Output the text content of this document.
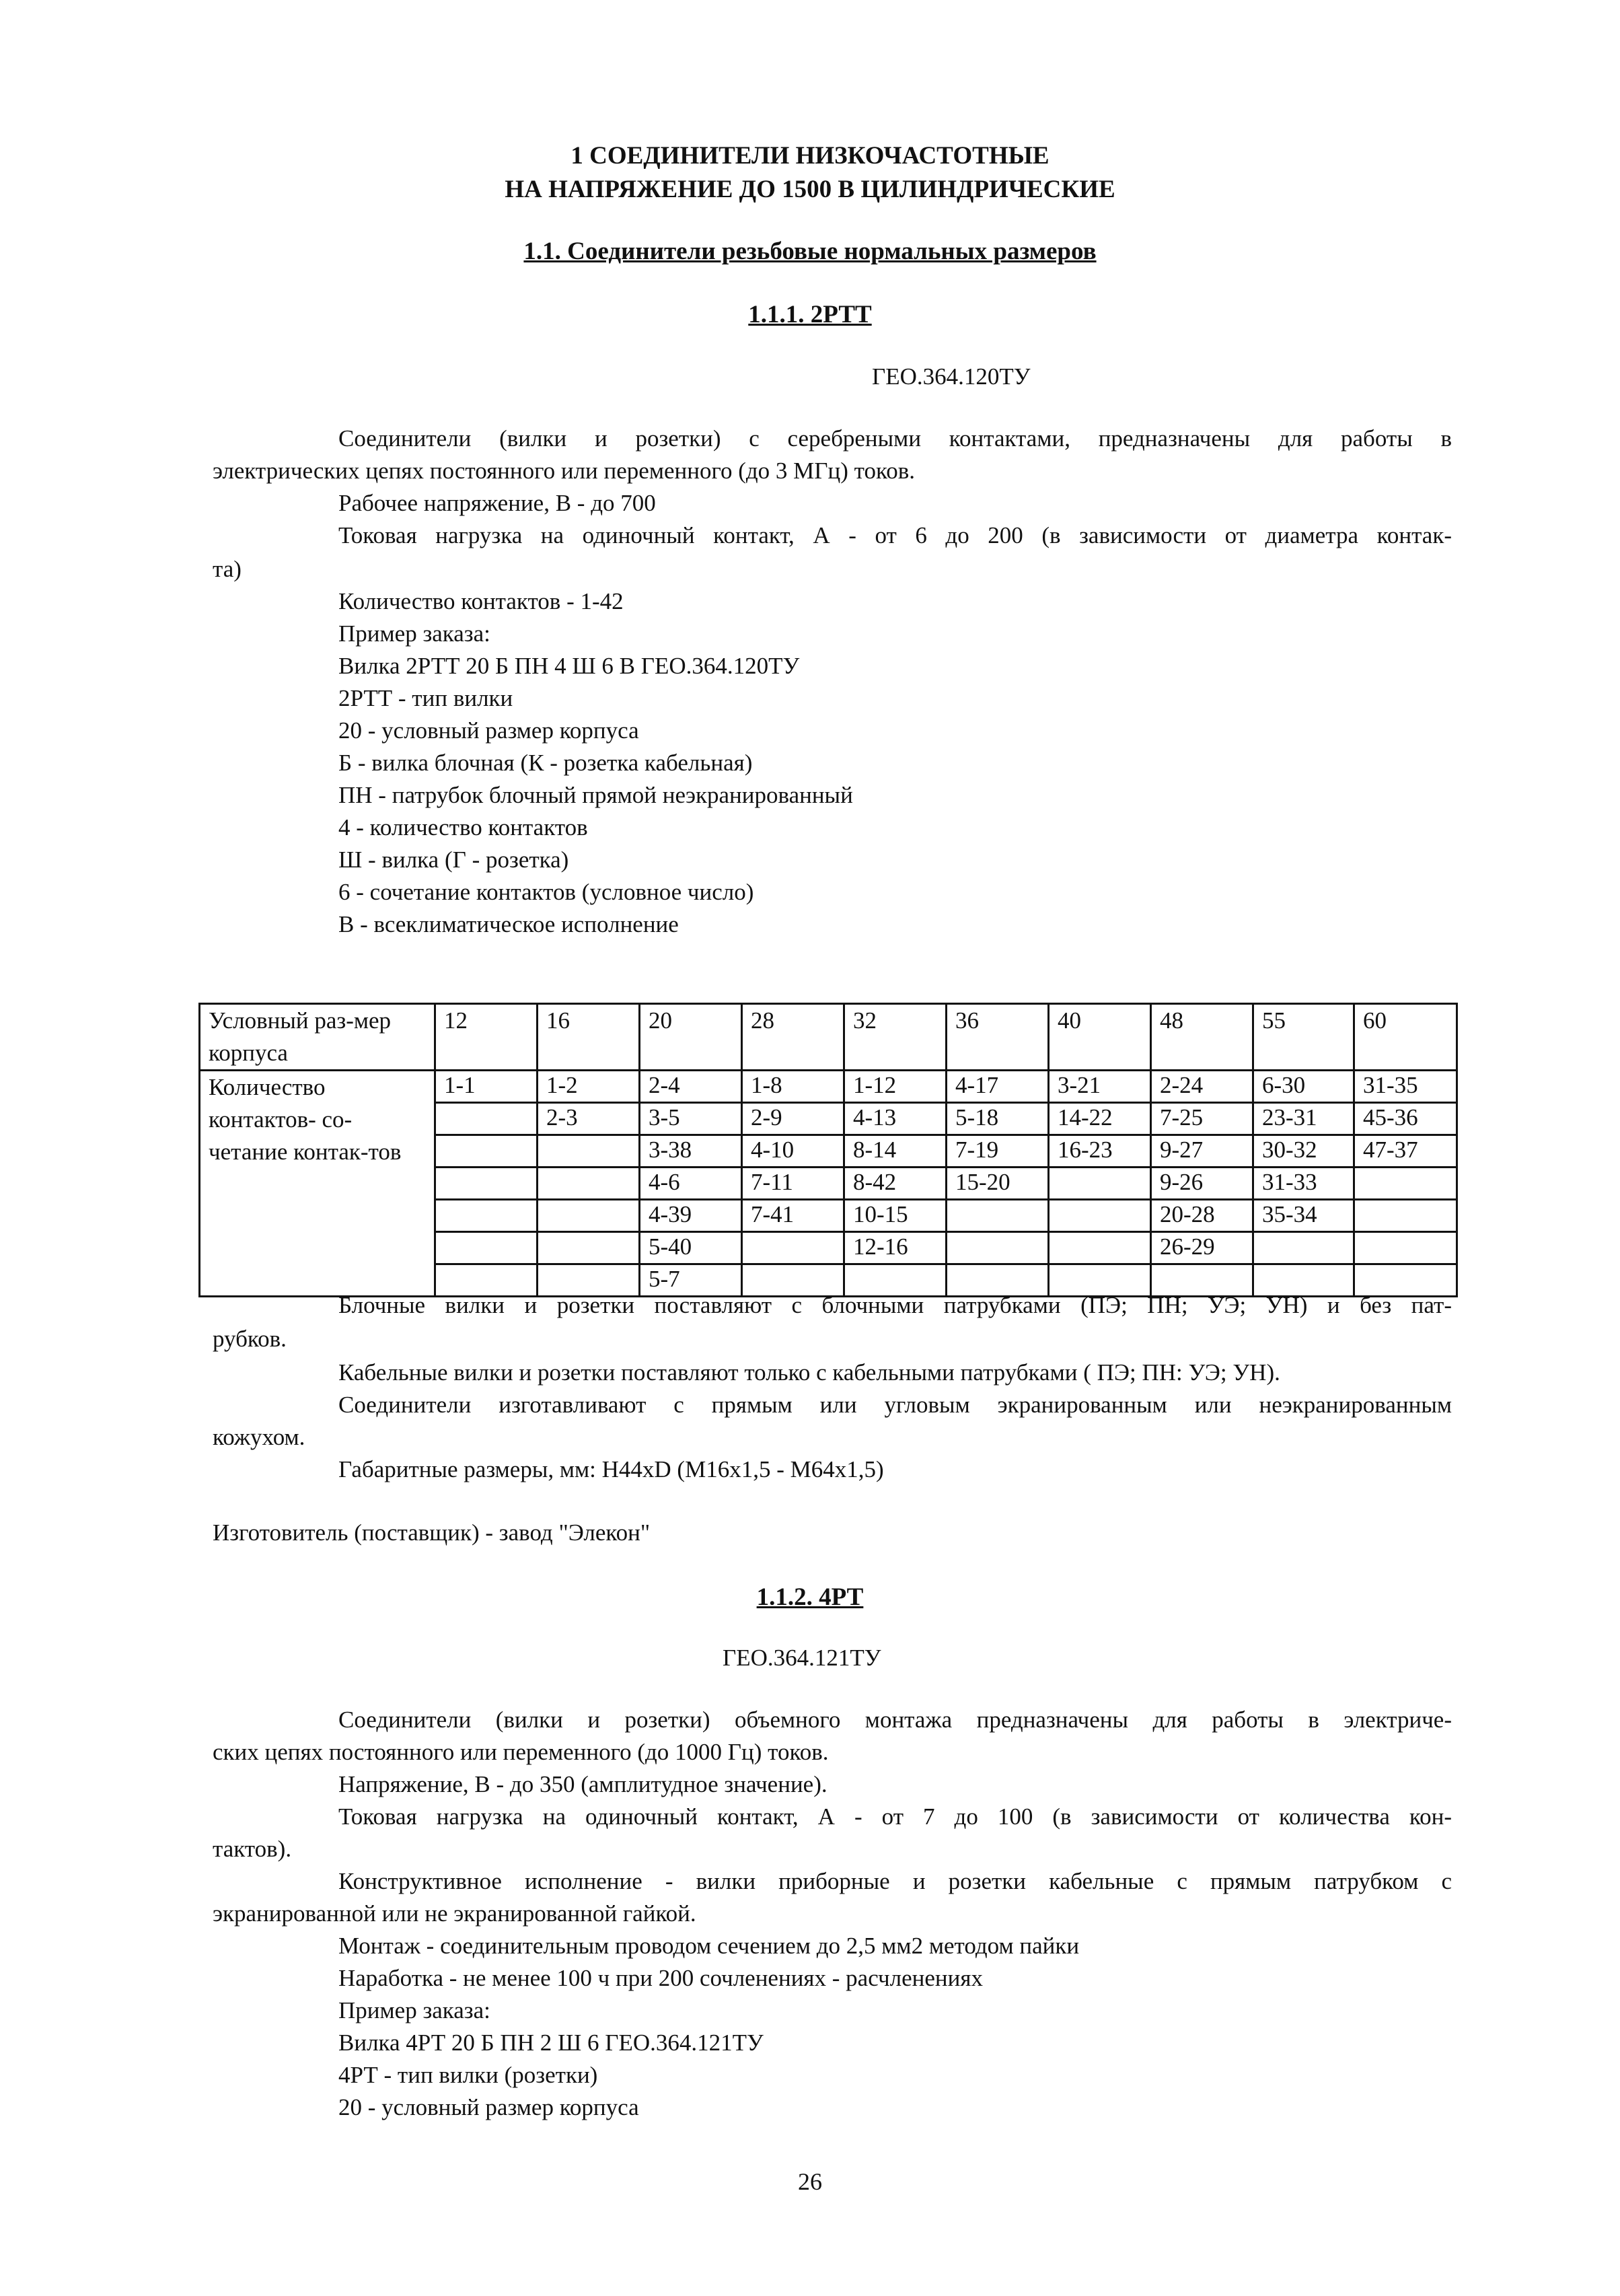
1 СОЕДИНИТЕЛИ НИЗКОЧАСТОТНЫЕ
НА НАПРЯЖЕНИЕ ДО 1500 В ЦИЛИНДРИЧЕСКИЕ
1.1. Соединители резьбовые нормальных размеров
1.1.1. 2РТТ
ГЕО.364.120ТУ
Соединители (вилки и розетки) с серебреными контактами, предназначены для работы в
электрических цепях постоянного или переменного (до 3 МГц) токов.
Рабочее напряжение, В - до 700
Токовая нагрузка на одиночный контакт, А - от 6 до 200 (в зависимости от диаметра контак-
та)
Количество контактов - 1-42
Пример заказа:
Вилка 2РТТ 20 Б ПН 4 Ш 6 В ГЕО.364.120ТУ
2РТТ - тип вилки
20 - условный размер корпуса
Б - вилка блочная (К - розетка кабельная)
ПН - патрубок блочный прямой неэкранированный
4 - количество контактов
Ш - вилка (Г - розетка)
6 - сочетание контактов (условное число)
В - всеклиматическое исполнение
Условный раз-мер корпуса	12	16	20	28	32	36	40	48	55	60
Количество контактов- со-четание контак-тов	1-1	1-2	2-4	1-8	1-12	4-17	3-21	2-24	6-30	31-35
		2-3	3-5	2-9	4-13	5-18	14-22	7-25	23-31	45-36
			3-38	4-10	8-14	7-19	16-23	9-27	30-32	47-37
			4-6	7-11	8-42	15-20		9-26	31-33	
			4-39	7-41	10-15			20-28	35-34	
			5-40		12-16			26-29		
			5-7							
Блочные вилки и розетки поставляют с блочными патрубками (ПЭ; ПН; УЭ; УН) и без пат-
рубков.
Кабельные вилки и розетки поставляют только с кабельными патрубками ( ПЭ; ПН: УЭ; УН).
Соединители изготавливают с прямым или угловым экранированным или неэкранированным
кожухом.
Габаритные размеры, мм: Н44хD (М16х1,5 - М64х1,5)
Изготовитель (поставщик) - завод "Элекон"
1.1.2. 4РТ
ГЕО.364.121ТУ
Соединители (вилки и розетки) объемного монтажа предназначены для работы в электриче-
ских цепях постоянного или переменного (до 1000 Гц) токов.
Напряжение, В - до 350 (амплитудное значение).
Токовая нагрузка на одиночный контакт, А - от 7 до 100 (в зависимости от количества кон-
тактов).
Конструктивное исполнение - вилки приборные и розетки кабельные с прямым патрубком с
экранированной или не экранированной гайкой.
Монтаж - соединительным проводом сечением до 2,5 мм2 методом пайки
Наработка - не менее 100 ч при 200 сочленениях - расчленениях
Пример заказа:
Вилка 4РТ 20 Б ПН 2 Ш 6 ГЕО.364.121ТУ
4РТ - тип вилки (розетки)
20 - условный размер корпуса
26
